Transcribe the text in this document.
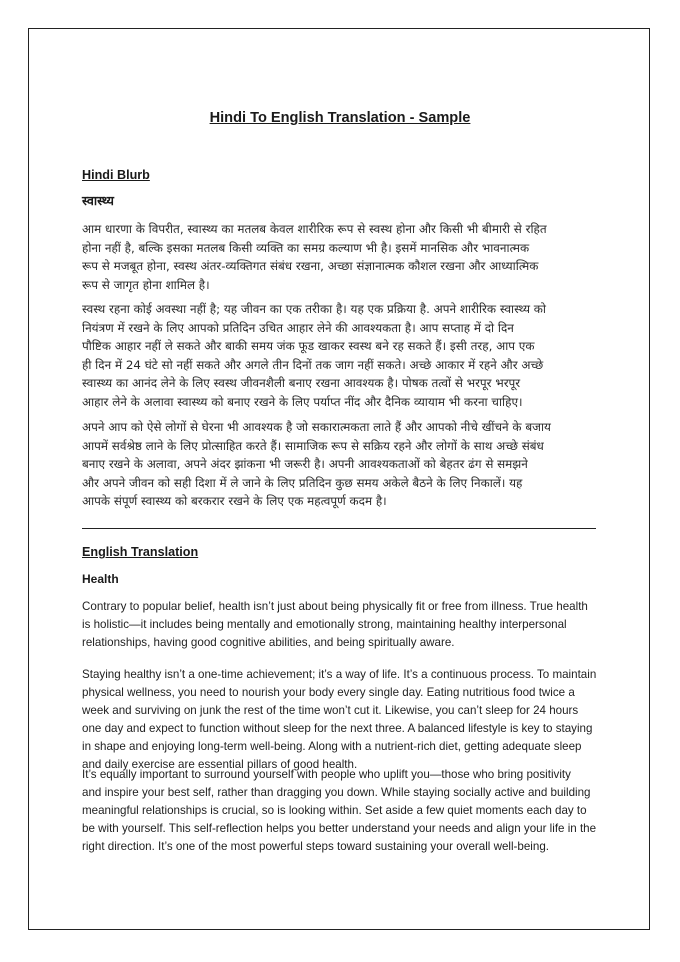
Hindi To English Translation - Sample
Hindi Blurb
स्वास्थ्य
आम धारणा के विपरीत, स्वास्थ्य का मतलब केवल शारीरिक रूप से स्वस्थ होना और किसी भी बीमारी से रहित
होना नहीं है, बल्कि इसका मतलब किसी व्यक्ति का समग्र कल्याण भी है। इसमें मानसिक और भावनात्मक
रूप से मजबूत होना, स्वस्थ अंतर-व्यक्तिगत संबंध रखना, अच्छा संज्ञानात्मक कौशल रखना और आध्यात्मिक
रूप से जागृत होना शामिल है।
स्वस्थ रहना कोई अवस्था नहीं है; यह जीवन का एक तरीका है। यह एक प्रक्रिया है. अपने शारीरिक स्वास्थ्य को
नियंत्रण में रखने के लिए आपको प्रतिदिन उचित आहार लेने की आवश्यकता है। आप सप्ताह में दो दिन
पौष्टिक आहार नहीं ले सकते और बाकी समय जंक फूड खाकर स्वस्थ बने रह सकते हैं। इसी तरह, आप एक
ही दिन में 24 घंटे सो नहीं सकते और अगले तीन दिनों तक जाग नहीं सकते। अच्छे आकार में रहने और अच्छे
स्वास्थ्य का आनंद लेने के लिए स्वस्थ जीवनशैली बनाए रखना आवश्यक है। पोषक तत्वों से भरपूर भरपूर
आहार लेने के अलावा स्वास्थ्य को बनाए रखने के लिए पर्याप्त नींद और दैनिक व्यायाम भी करना चाहिए।
अपने आप को ऐसे लोगों से घेरना भी आवश्यक है जो सकारात्मकता लाते हैं और आपको नीचे खींचने के बजाय
आपमें सर्वश्रेष्ठ लाने के लिए प्रोत्साहित करते हैं। सामाजिक रूप से सक्रिय रहने और लोगों के साथ अच्छे संबंध
बनाए रखने के अलावा, अपने अंदर झांकना भी जरूरी है। अपनी आवश्यकताओं को बेहतर ढंग से समझने
और अपने जीवन को सही दिशा में ले जाने के लिए प्रतिदिन कुछ समय अकेले बैठने के लिए निकालें। यह
आपके संपूर्ण स्वास्थ्य को बरकरार रखने के लिए एक महत्वपूर्ण कदम है।
English Translation
Health
Contrary to popular belief, health isn’t just about being physically fit or free from illness. True health
is holistic—it includes being mentally and emotionally strong, maintaining healthy interpersonal
relationships, having good cognitive abilities, and being spiritually aware.
Staying healthy isn’t a one-time achievement; it’s a way of life. It’s a continuous process. To maintain
physical wellness, you need to nourish your body every single day. Eating nutritious food twice a
week and surviving on junk the rest of the time won’t cut it. Likewise, you can’t sleep for 24 hours
one day and expect to function without sleep for the next three. A balanced lifestyle is key to staying
in shape and enjoying long-term well-being. Along with a nutrient-rich diet, getting adequate sleep
and daily exercise are essential pillars of good health.
It’s equally important to surround yourself with people who uplift you—those who bring positivity
and inspire your best self, rather than dragging you down. While staying socially active and building
meaningful relationships is crucial, so is looking within. Set aside a few quiet moments each day to
be with yourself. This self-reflection helps you better understand your needs and align your life in the
right direction. It’s one of the most powerful steps toward sustaining your overall well-being.
